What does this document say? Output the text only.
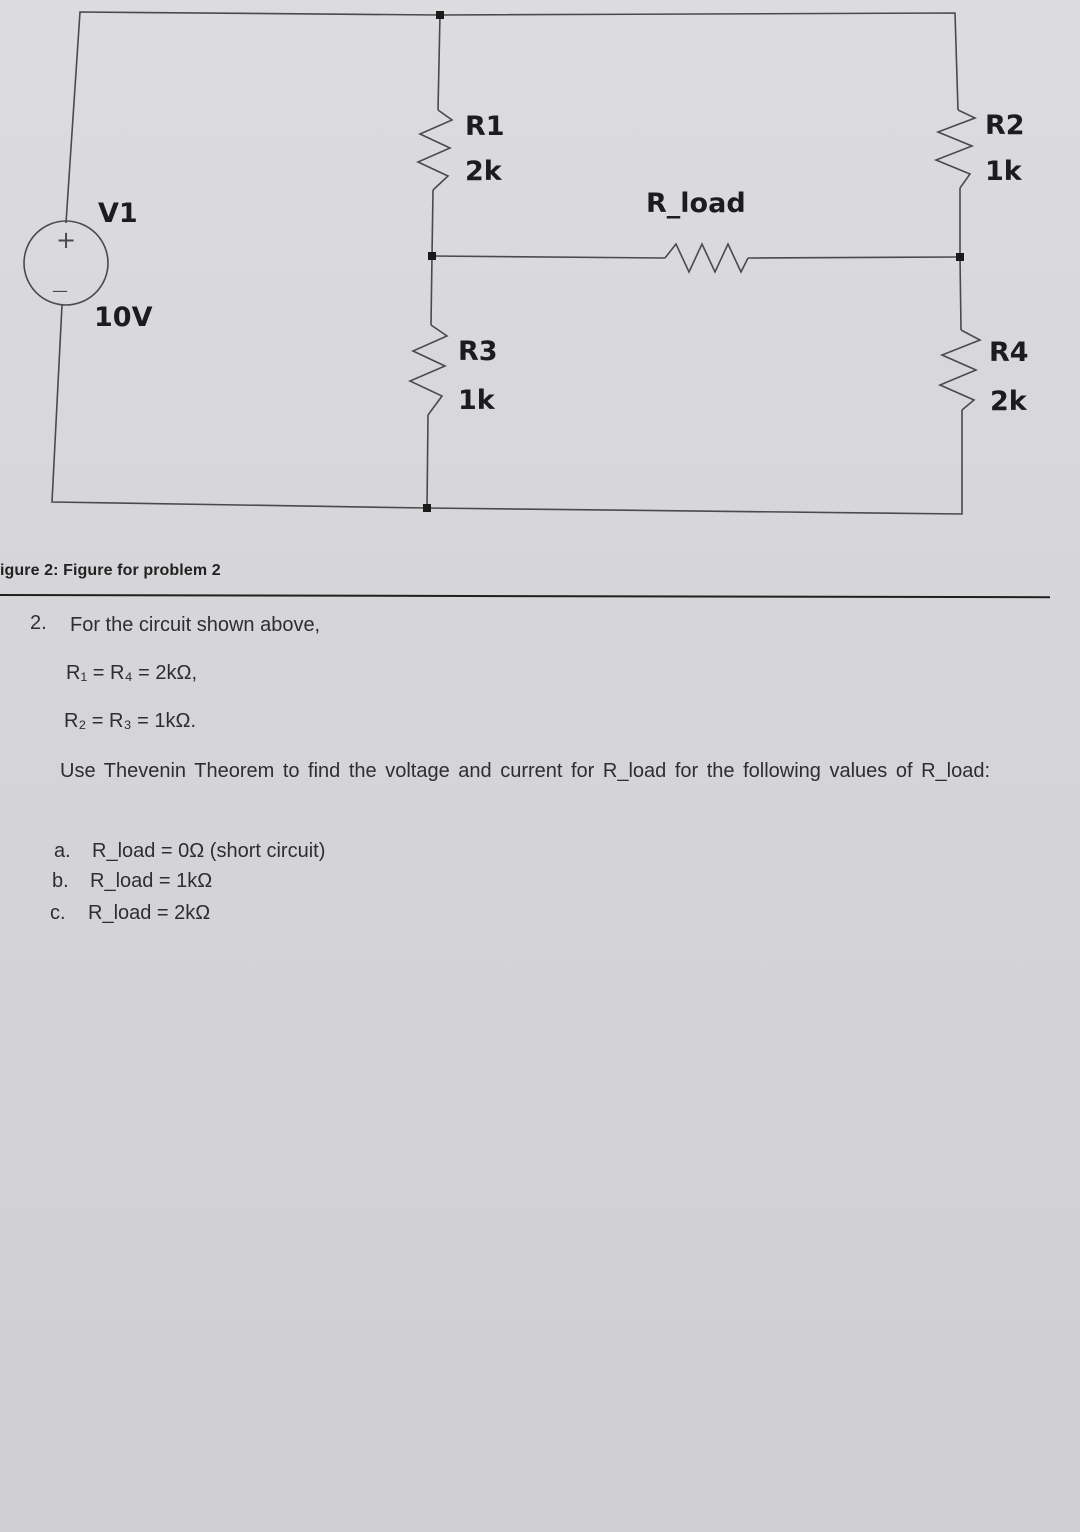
+
—
V1
10V
R1
2k
R2
1k
R3
1k
R4
2k
R_load
igure 2: Figure for problem 2
2. For the circuit shown above,
R₁ = R₄ = 2kΩ,
R₂ = R₃ = 1kΩ.
Use Thevenin Theorem to find the voltage and current for R_load for the following values of R_load:
a. R_load = 0Ω (short circuit)
b. R_load = 1kΩ
c. R_load = 2kΩ
